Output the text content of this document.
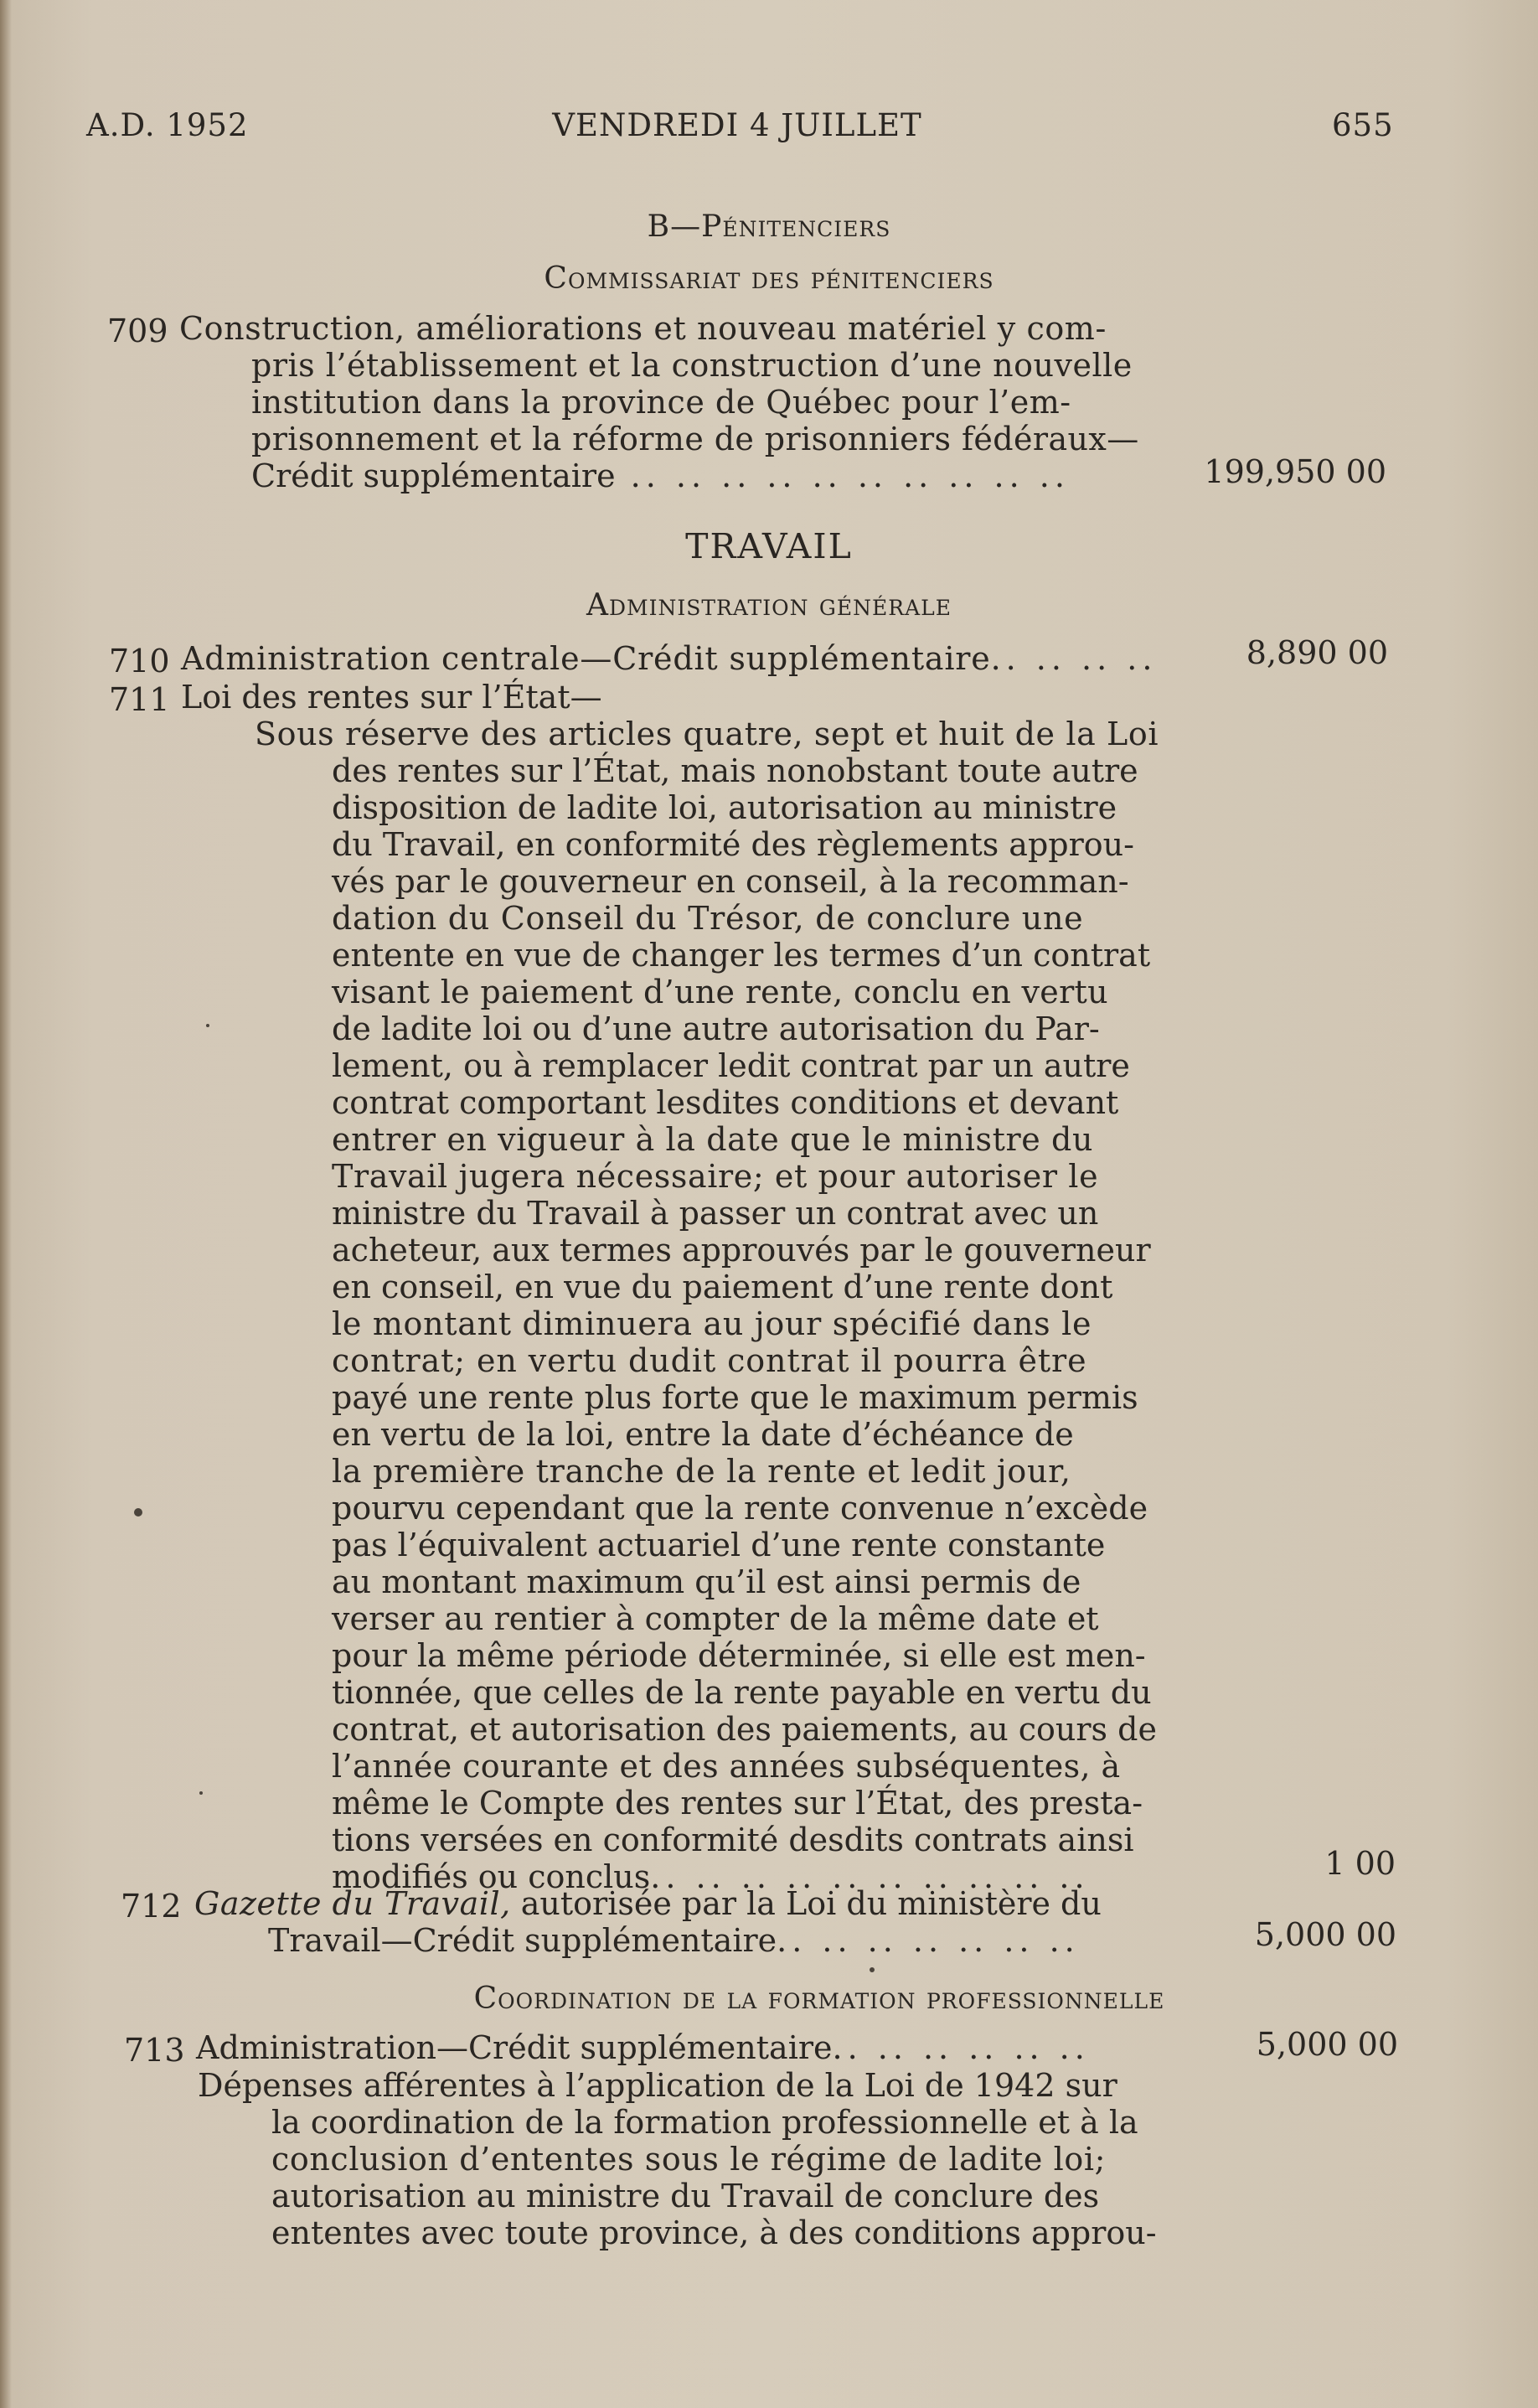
A.D. 1952	VENDREDI 4 JUILLET	655
B—Pénitenciers
Commissariat des pénitenciers
709 Construction, améliorations et nouveau matériel y com-
pris l’établissement et la construction d’une nouvelle
institution dans la province de Québec pour l’em-
prisonnement et la réforme de prisonniers fédéraux—
Crédit supplémentaire .. .. .. .. .. .. .. .. .. ..	199,950 00
TRAVAIL
Administration générale
710 Administration centrale—Crédit supplémentaire.. .. .. ..	8,890 00
711 Loi des rentes sur l’État—
Sous réserve des articles quatre, sept et huit de la Loi
des rentes sur l’État, mais nonobstant toute autre
disposition de ladite loi, autorisation au ministre
du Travail, en conformité des règlements approu-
vés par le gouverneur en conseil, à la recomman-
dation du Conseil du Trésor, de conclure une
entente en vue de changer les termes d’un contrat
visant le paiement d’une rente, conclu en vertu
de ladite loi ou d’une autre autorisation du Par-
lement, ou à remplacer ledit contrat par un autre
contrat comportant lesdites conditions et devant
entrer en vigueur à la date que le ministre du
Travail jugera nécessaire; et pour autoriser le
ministre du Travail à passer un contrat avec un
acheteur, aux termes approuvés par le gouverneur
en conseil, en vue du paiement d’une rente dont
le montant diminuera au jour spécifié dans le
contrat; en vertu dudit contrat il pourra être
payé une rente plus forte que le maximum permis
en vertu de la loi, entre la date d’échéance de
la première tranche de la rente et ledit jour,
pourvu cependant que la rente convenue n’excède
pas l’équivalent actuariel d’une rente constante
au montant maximum qu’il est ainsi permis de
verser au rentier à compter de la même date et
pour la même période déterminée, si elle est men-
tionnée, que celles de la rente payable en vertu du
contrat, et autorisation des paiements, au cours de
l’année courante et des années subséquentes, à
même le Compte des rentes sur l’État, des presta-
tions versées en conformité desdits contrats ainsi
modifiés ou conclus.. .. .. .. .. .. .. .. .. ..	1 00
712 Gazette du Travail, autorisée par la Loi du ministère du
Travail—Crédit supplémentaire.. .. .. .. .. .. ..	5,000 00
Coordination de la formation professionnelle
713 Administration—Crédit supplémentaire.. .. .. .. .. ..	5,000 00
Dépenses afférentes à l’application de la Loi de 1942 sur
la coordination de la formation professionnelle et à la
conclusion d’ententes sous le régime de ladite loi;
autorisation au ministre du Travail de conclure des
ententes avec toute province, à des conditions approu-
